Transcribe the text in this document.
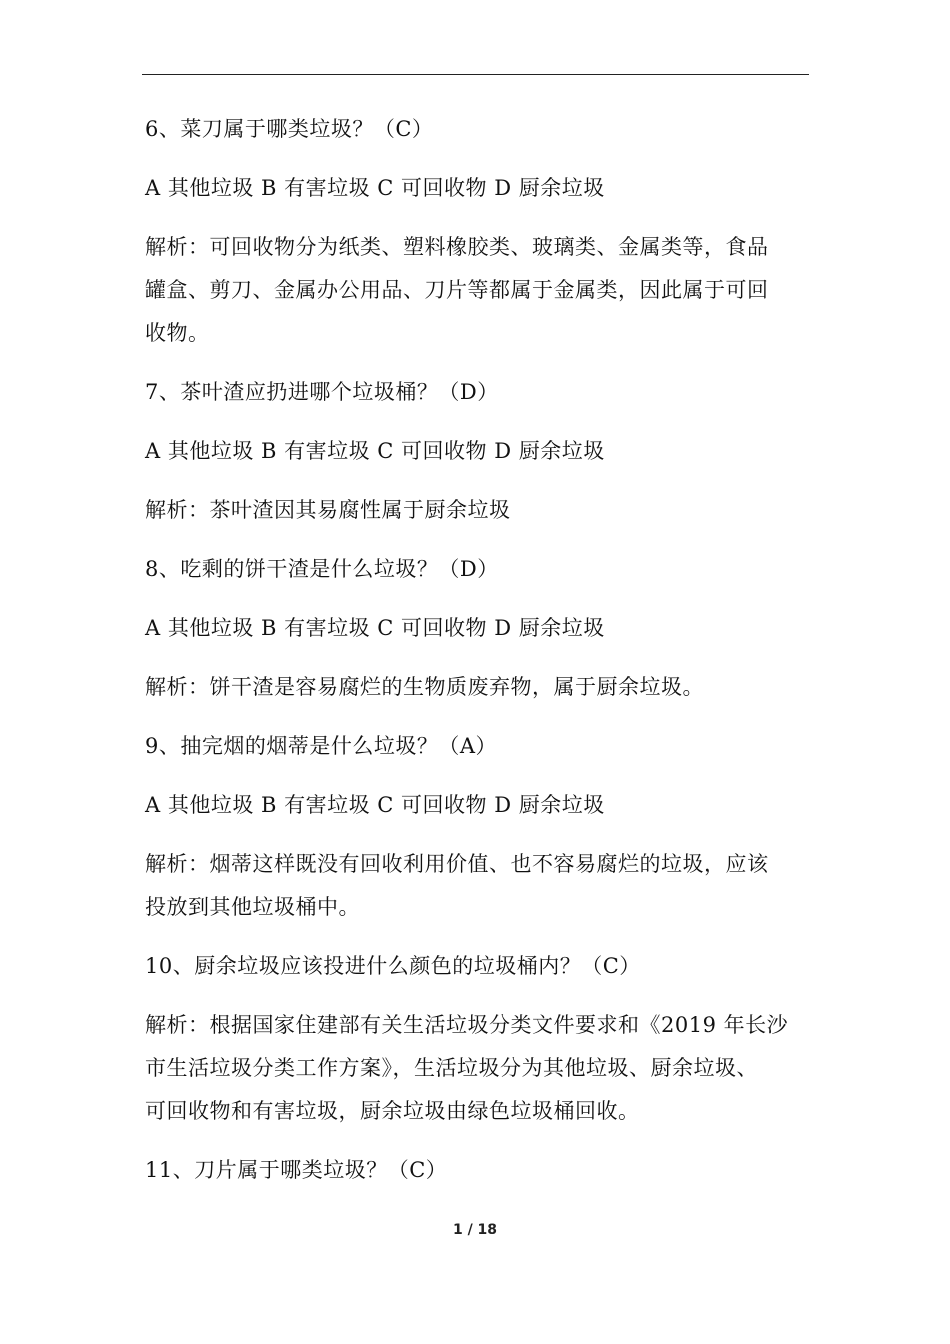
6、菜刀属于哪类垃圾？（C）
A 其他垃圾 B 有害垃圾 C 可回收物 D 厨余垃圾
解析：可回收物分为纸类、塑料橡胶类、玻璃类、金属类等，食品
罐盒、剪刀、金属办公用品、刀片等都属于金属类，因此属于可回
收物。
7、茶叶渣应扔进哪个垃圾桶？（D）
A 其他垃圾 B 有害垃圾 C 可回收物 D 厨余垃圾
解析：茶叶渣因其易腐性属于厨余垃圾
8、吃剩的饼干渣是什么垃圾？（D）
A 其他垃圾 B 有害垃圾 C 可回收物 D 厨余垃圾
解析：饼干渣是容易腐烂的生物质废弃物，属于厨余垃圾。
9、抽完烟的烟蒂是什么垃圾？（A）
A 其他垃圾 B 有害垃圾 C 可回收物 D 厨余垃圾
解析：烟蒂这样既没有回收利用价值、也不容易腐烂的垃圾，应该
投放到其他垃圾桶中。
10、厨余垃圾应该投进什么颜色的垃圾桶内？（C）
解析：根据国家住建部有关生活垃圾分类文件要求和《2019 年长沙
市生活垃圾分类工作方案》，生活垃圾分为其他垃圾、厨余垃圾、
可回收物和有害垃圾，厨余垃圾由绿色垃圾桶回收。
11、刀片属于哪类垃圾？（C）
1 / 18
